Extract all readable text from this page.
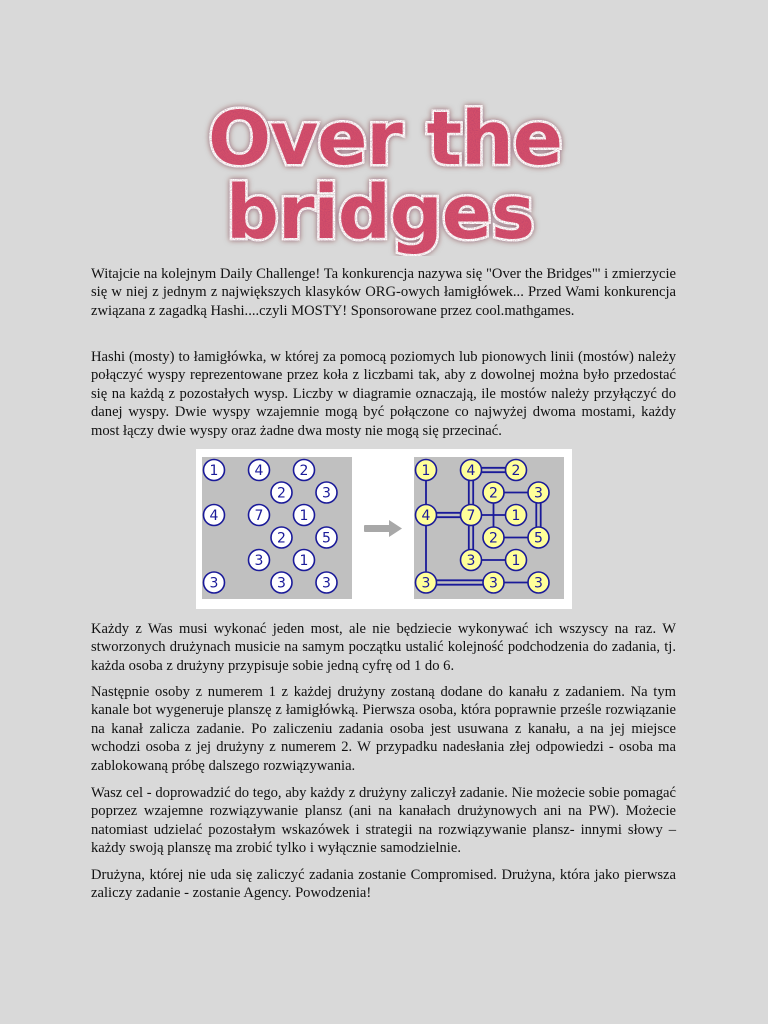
Over the
bridges

Witajcie na kolejnym Daily Challenge! Ta konkurencja nazywa się "Over the Bridges"' i zmierzycie się w niej z jednym z największych klasyków ORG-owych łamigłówek... Przed Wami konkurencja związana z zagadką Hashi....czyli MOSTY! Sponsorowane przez cool.mathgames.

Hashi (mosty) to łamigłówka, w której za pomocą poziomych lub pionowych linii (mostów) należy połączyć wyspy reprezentowane przez koła z liczbami tak, aby z dowolnej można było przedostać się na każdą z pozostałych wysp. Liczby w diagramie oznaczają, ile mostów należy przyłączyć do danej wyspy. Dwie wyspy wzajemnie mogą być połączone co najwyżej dwoma mostami, każdy most łączy dwie wyspy oraz żadne dwa mosty nie mogą się przecinać.

1	4	2
2	3
4	7	1
2	5
3	1
3	3	3
1	4	2
2	3
4	7	1
2	5
3	1
3	3	3

Każdy z Was musi wykonać jeden most, ale nie będziecie wykonywać ich wszyscy na raz. W stworzonych drużynach musicie na samym początku ustalić kolejność podchodzenia do zadania, tj. każda osoba z drużyny przypisuje sobie jedną cyfrę od 1 do 6.

Następnie osoby z numerem 1 z każdej drużyny zostaną dodane do kanału z zadaniem. Na tym kanale bot wygeneruje planszę z łamigłówką. Pierwsza osoba, która poprawnie prześle rozwiązanie na kanał zalicza zadanie. Po zaliczeniu zadania osoba jest usuwana z kanału, a na jej miejsce wchodzi osoba z jej drużyny z numerem 2. W przypadku nadesłania złej odpowiedzi - osoba ma zablokowaną próbę dalszego rozwiązywania.

Wasz cel - doprowadzić do tego, aby każdy z drużyny zaliczył zadanie. Nie możecie sobie pomagać poprzez wzajemne rozwiązywanie plansz (ani na kanałach drużynowych ani na PW). Możecie natomiast udzielać pozostałym wskazówek i strategii na rozwiązywanie plansz- innymi słowy – każdy swoją planszę ma zrobić tylko i wyłącznie samodzielnie.

Drużyna, której nie uda się zaliczyć zadania zostanie Compromised. Drużyna, która jako pierwsza zaliczy zadanie - zostanie Agency. Powodzenia!
